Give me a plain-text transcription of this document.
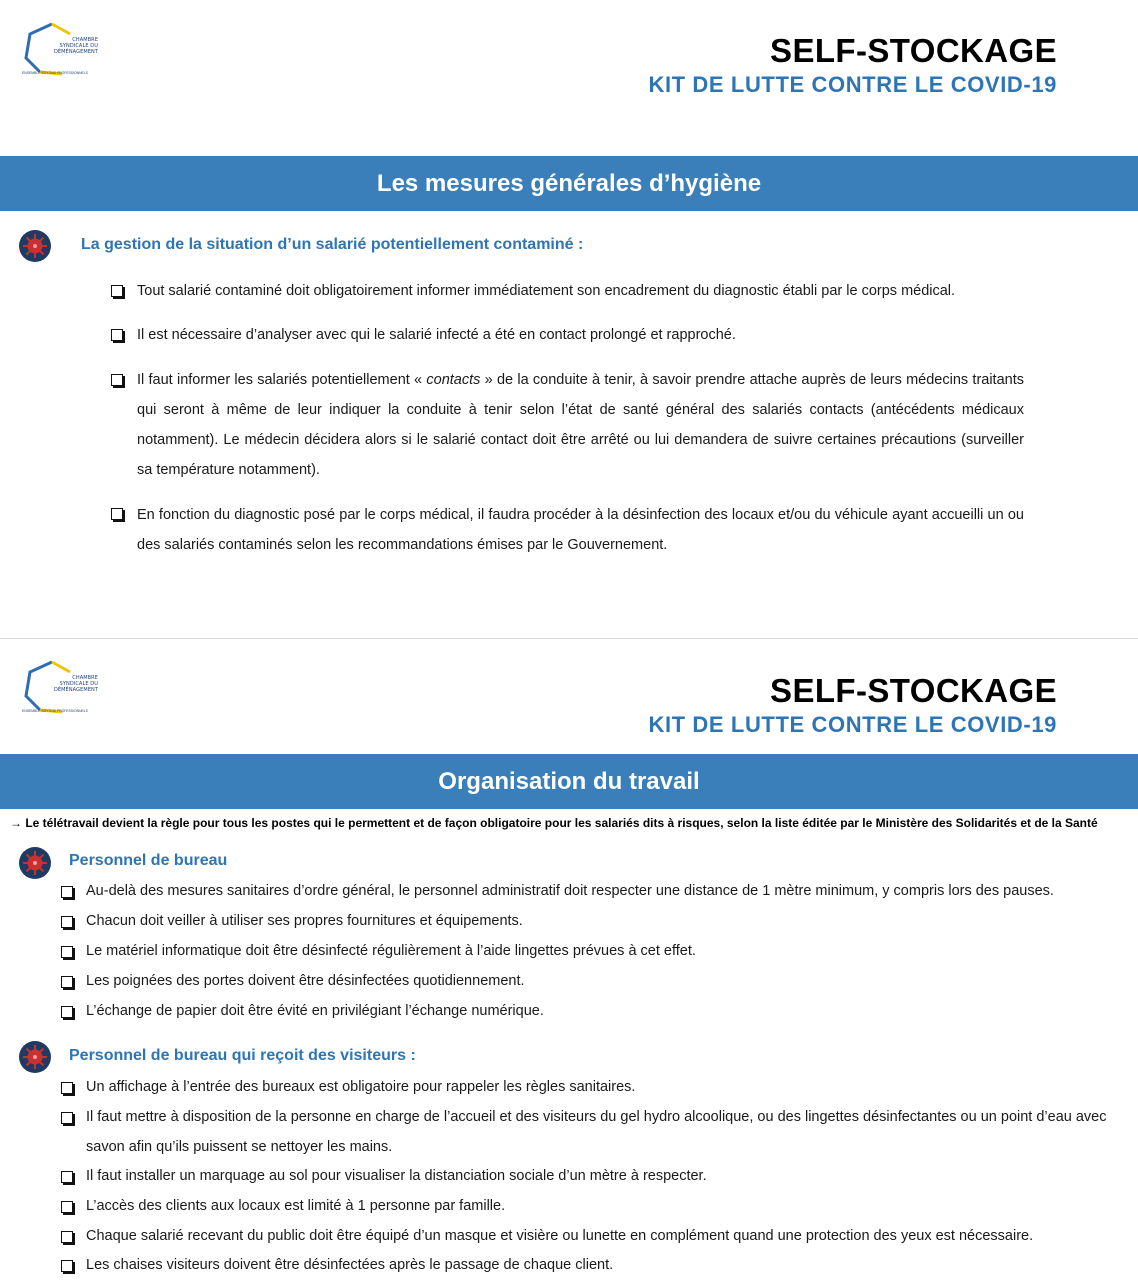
CHAMBRE
SYNDICALE DU
DÉMÉNAGEMENT
ENSEMBLE SOYONS PROFESSIONNELS
SELF-STOCKAGE
KIT DE LUTTE CONTRE LE COVID-19
Les mesures générales d’hygiène
La gestion de la situation d’un salarié potentiellement contaminé :
Tout salarié contaminé doit obligatoirement informer immédiatement son encadrement du diagnostic établi par le corps médical.
Il est nécessaire d’analyser avec qui le salarié infecté a été en contact prolongé et rapproché.
Il faut informer les salariés potentiellement « contacts » de la conduite à tenir, à savoir prendre attache auprès de leurs médecins traitants qui seront à même de leur indiquer la conduite à tenir selon l’état de santé général des salariés contacts (antécédents médicaux notamment). Le médecin décidera alors si le salarié contact doit être arrêté ou lui demandera de suivre certaines précautions (surveiller sa température notamment).
En fonction du diagnostic posé par le corps médical, il faudra procéder à la désinfection des locaux et/ou du véhicule ayant accueilli un ou des salariés contaminés selon les recommandations émises par le Gouvernement.
CHAMBRE
SYNDICALE DU
DÉMÉNAGEMENT
ENSEMBLE SOYONS PROFESSIONNELS
SELF-STOCKAGE
KIT DE LUTTE CONTRE LE COVID-19
Organisation du travail
→ Le télétravail devient la règle pour tous les postes qui le permettent et de façon obligatoire pour les salariés dits à risques, selon la liste éditée par le Ministère des Solidarités et de la Santé
Personnel de bureau
Au-delà des mesures sanitaires d’ordre général, le personnel administratif doit respecter une distance de 1 mètre minimum, y compris lors des pauses.
Chacun doit veiller à utiliser ses propres fournitures et équipements.
Le matériel informatique doit être désinfecté régulièrement à l’aide lingettes prévues à cet effet.
Les poignées des portes doivent être désinfectées quotidiennement.
L’échange de papier doit être évité en privilégiant l’échange numérique.
Personnel de bureau qui reçoit des visiteurs :
Un affichage à l’entrée des bureaux est obligatoire pour rappeler les règles sanitaires.
Il faut mettre à disposition de la personne en charge de l’accueil et des visiteurs du gel hydro alcoolique, ou des lingettes désinfectantes ou un point d’eau avec savon afin qu’ils puissent se nettoyer les mains.
Il faut installer un marquage au sol pour visualiser la distanciation sociale d’un mètre à respecter.
L’accès des clients aux locaux est limité à 1 personne par famille.
Chaque salarié recevant du public doit être équipé d’un masque et visière ou lunette en complément quand une protection des yeux est nécessaire.
Les chaises visiteurs doivent être désinfectées après le passage de chaque client.
